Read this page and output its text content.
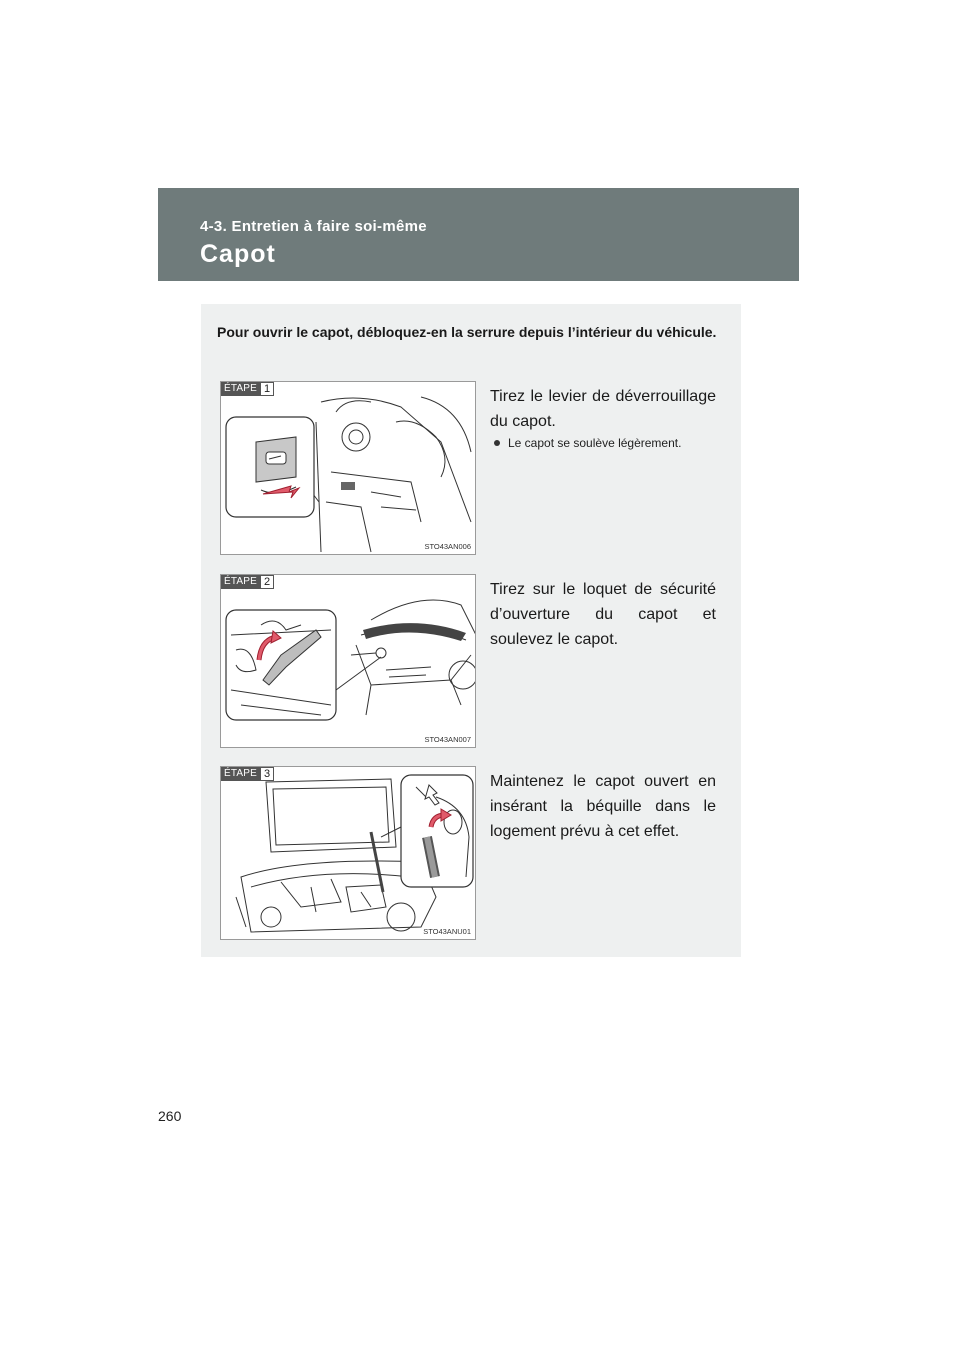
4-3. Entretien à faire soi-même
Capot
Pour ouvrir le capot, débloquez-en la serrure depuis l’intérieur du véhicule.
ÉTAPE 1
STO43AN006
Tirez le levier de déverrouillage du capot.
Le capot se soulève légèrement.
ÉTAPE 2
STO43AN007
Tirez sur le loquet de sécurité d’ouverture du capot et soulevez le capot.
ÉTAPE 3
STO43ANU01
Maintenez le capot ouvert en insérant la béquille dans le logement prévu à cet effet.
260
